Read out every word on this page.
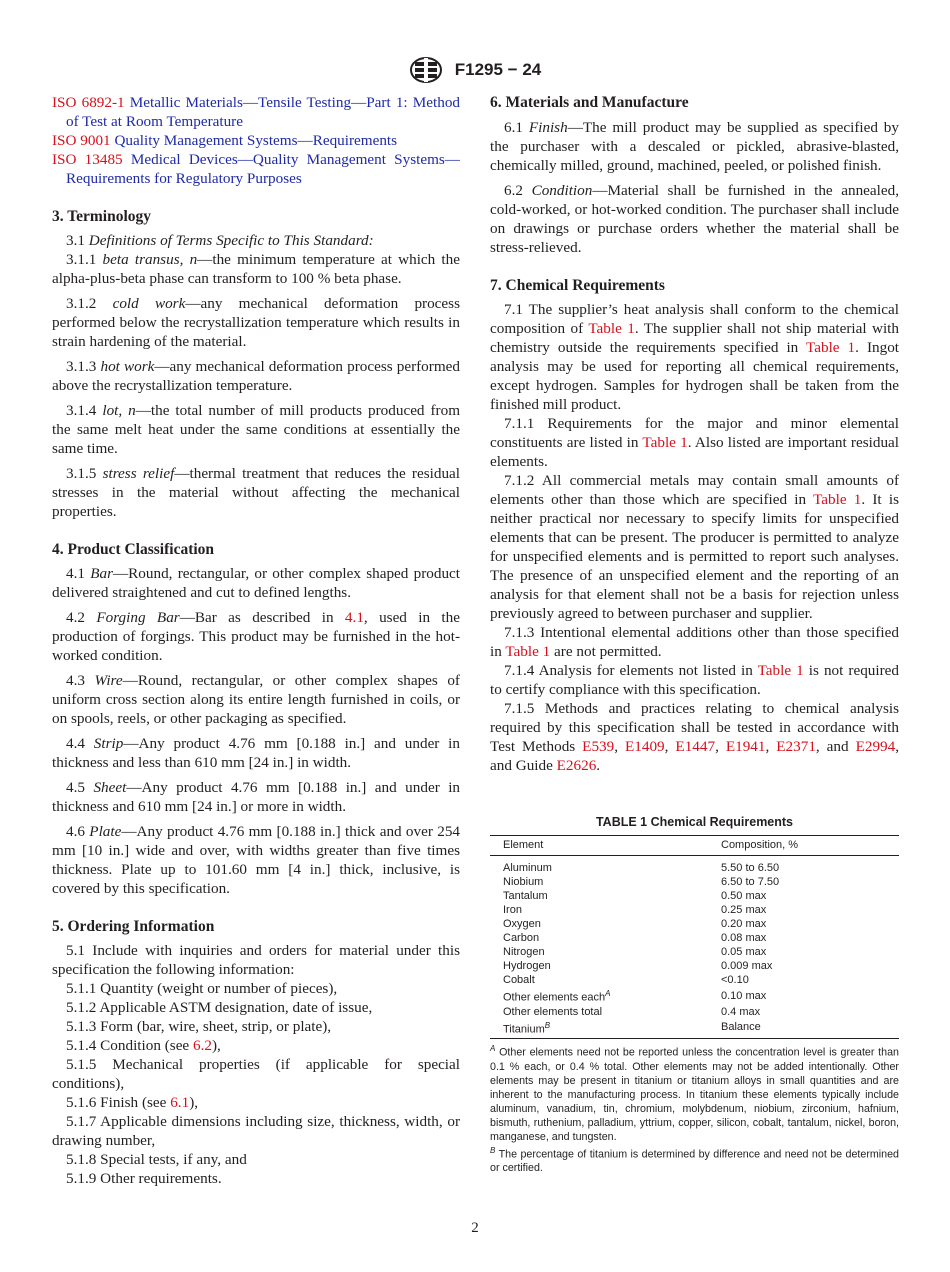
F1295 − 24

ISO 6892-1 Metallic Materials—Tensile Testing—Part 1: Method of Test at Room Temperature

ISO 9001 Quality Management Systems—Requirements

ISO 13485 Medical Devices—Quality Management Systems—Requirements for Regulatory Purposes

3. Terminology

3.1 Definitions of Terms Specific to This Standard:

3.1.1 beta transus, n—the minimum temperature at which the alpha-plus-beta phase can transform to 100 % beta phase.

3.1.2 cold work—any mechanical deformation process performed below the recrystallization temperature which results in strain hardening of the material.

3.1.3 hot work—any mechanical deformation process performed above the recrystallization temperature.

3.1.4 lot, n—the total number of mill products produced from the same melt heat under the same conditions at essentially the same time.

3.1.5 stress relief—thermal treatment that reduces the residual stresses in the material without affecting the mechanical properties.

4. Product Classification

4.1 Bar—Round, rectangular, or other complex shaped product delivered straightened and cut to defined lengths.

4.2 Forging Bar—Bar as described in 4.1, used in the production of forgings. This product may be furnished in the hot-worked condition.

4.3 Wire—Round, rectangular, or other complex shapes of uniform cross section along its entire length furnished in coils, or on spools, reels, or other packaging as specified.

4.4 Strip—Any product 4.76 mm [0.188 in.] and under in thickness and less than 610 mm [24 in.] in width.

4.5 Sheet—Any product 4.76 mm [0.188 in.] and under in thickness and 610 mm [24 in.] or more in width.

4.6 Plate—Any product 4.76 mm [0.188 in.] thick and over 254 mm [10 in.] wide and over, with widths greater than five times thickness. Plate up to 101.60 mm [4 in.] thick, inclusive, is covered by this specification.

5. Ordering Information

5.1 Include with inquiries and orders for material under this specification the following information:

5.1.1 Quantity (weight or number of pieces),

5.1.2 Applicable ASTM designation, date of issue,

5.1.3 Form (bar, wire, sheet, strip, or plate),

5.1.4 Condition (see 6.2),

5.1.5 Mechanical properties (if applicable for special conditions),

5.1.6 Finish (see 6.1),

5.1.7 Applicable dimensions including size, thickness, width, or drawing number,

5.1.8 Special tests, if any, and

5.1.9 Other requirements.

6. Materials and Manufacture

6.1 Finish—The mill product may be supplied as specified by the purchaser with a descaled or pickled, abrasive-blasted, chemically milled, ground, machined, peeled, or polished finish.

6.2 Condition—Material shall be furnished in the annealed, cold-worked, or hot-worked condition. The purchaser shall include on drawings or purchase orders whether the material shall be stress-relieved.

7. Chemical Requirements

7.1 The supplier’s heat analysis shall conform to the chemical composition of Table 1. The supplier shall not ship material with chemistry outside the requirements specified in Table 1. Ingot analysis may be used for reporting all chemical requirements, except hydrogen. Samples for hydrogen shall be taken from the finished mill product.

7.1.1 Requirements for the major and minor elemental constituents are listed in Table 1. Also listed are important residual elements.

7.1.2 All commercial metals may contain small amounts of elements other than those which are specified in Table 1. It is neither practical nor necessary to specify limits for unspecified elements that can be present. The producer is permitted to analyze for unspecified elements and is permitted to report such analyses. The presence of an unspecified element and the reporting of an analysis for that element shall not be a basis for rejection unless previously agreed to between purchaser and supplier.

7.1.3 Intentional elemental additions other than those specified in Table 1 are not permitted.

7.1.4 Analysis for elements not listed in Table 1 is not required to certify compliance with this specification.

7.1.5 Methods and practices relating to chemical analysis required by this specification shall be tested in accordance with Test Methods E539, E1409, E1447, E1941, E2371, and E2994, and Guide E2626.

TABLE 1 Chemical Requirements
Element	Composition, %
Aluminum	5.50 to 6.50
Niobium	6.50 to 7.50
Tantalum	0.50 max
Iron	0.25 max
Oxygen	0.20 max
Carbon	0.08 max
Nitrogen	0.05 max
Hydrogen	0.009 max
Cobalt	<0.10
Other elements each$^A$	0.10 max
Other elements total	0.4 max
Titanium$^B$	Balance

$^A$ Other elements need not be reported unless the concentration level is greater than 0.1 % each, or 0.4 % total. Other elements may not be added intentionally. Other elements may be present in titanium or titanium alloys in small quantities and are inherent to the manufacturing process. In titanium these elements typically include aluminum, vanadium, tin, chromium, molybdenum, niobium, zirconium, hafnium, bismuth, ruthenium, palladium, yttrium, copper, silicon, cobalt, tantalum, nickel, boron, manganese, and tungsten.

$^B$ The percentage of titanium is determined by difference and need not be determined or certified.

2
